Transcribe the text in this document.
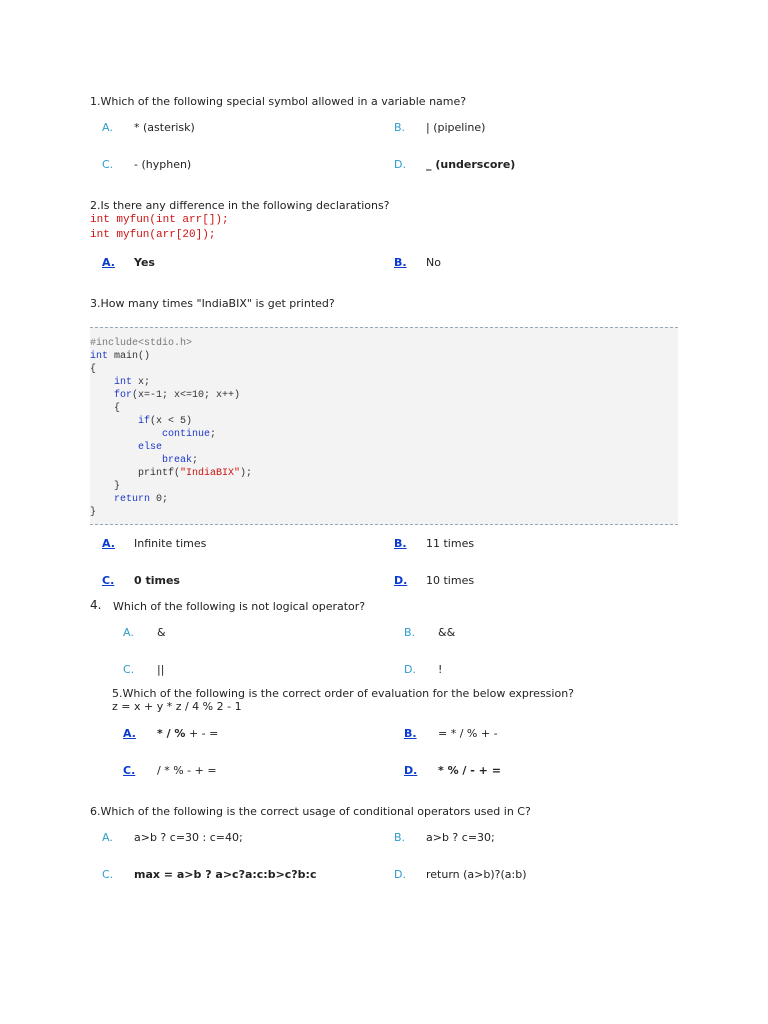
1.Which of the following special symbol allowed in a variable name?
A. * (asterisk)	B. | (pipeline)
C. - (hyphen)	D. _ (underscore)
2.Is there any difference in the following declarations?
int myfun(int arr[]);
int myfun(arr[20]);
A. Yes	B. No
3.How many times "IndiaBIX" is get printed?
#include<stdio.h>
int main()
{
int x;
for(x=-1; x<=10; x++)
{
if(x < 5)
continue;
else
break;
printf("IndiaBIX");
}
return 0;
}
A. Infinite times	B. 11 times
C. 0 times	D. 10 times
4. Which of the following is not logical operator?
A. &	B. &&
C. ||	D. !
5.Which of the following is the correct order of evaluation for the below expression?
z = x + y * z / 4 % 2 - 1
A. * / % + - =	B. = * / % + -
C. / * % - + =	D. * % / - + =
6.Which of the following is the correct usage of conditional operators used in C?
A. a>b ? c=30 : c=40;	B. a>b ? c=30;
C. max = a>b ? a>c?a:c:b>c?b:c	D. return (a>b)?(a:b)
